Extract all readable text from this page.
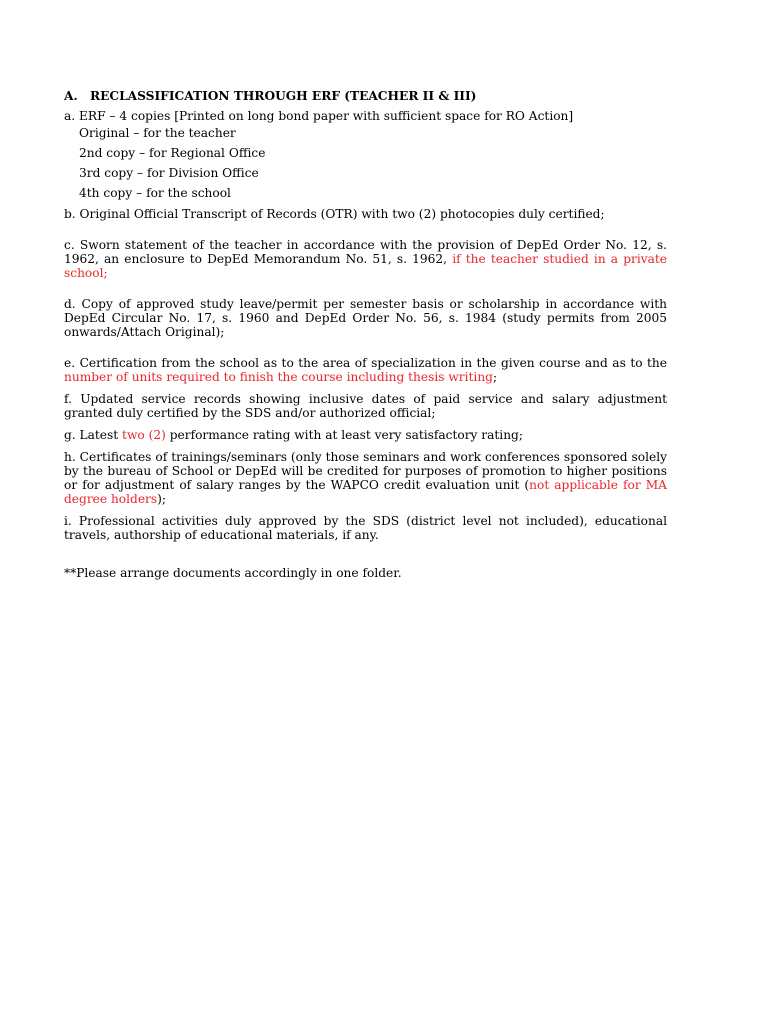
A. RECLASSIFICATION THROUGH ERF (TEACHER II & III)

a. ERF – 4 copies [Printed on long bond paper with sufficient space for RO Action]

Original – for the teacher

2nd copy – for Regional Office

3rd copy – for Division Office

4th copy – for the school

b. Original Official Transcript of Records (OTR) with two (2) photocopies duly certified;

c. Sworn statement of the teacher in accordance with the provision of DepEd Order No. 12, s. 1962, an enclosure to DepEd Memorandum No. 51, s. 1962, if the teacher studied in a private school;

d. Copy of approved study leave/permit per semester basis or scholarship in accordance with DepEd Circular No. 17, s. 1960 and DepEd Order No. 56, s. 1984 (study permits from 2005 onwards/Attach Original);

e. Certification from the school as to the area of specialization in the given course and as to the number of units required to finish the course including thesis writing;

f. Updated service records showing inclusive dates of paid service and salary adjustment granted duly certified by the SDS and/or authorized official;

g. Latest two (2) performance rating with at least very satisfactory rating;

h. Certificates of trainings/seminars (only those seminars and work conferences sponsored solely by the bureau of School or DepEd will be credited for purposes of promotion to higher positions or for adjustment of salary ranges by the WAPCO credit evaluation unit (not applicable for MA degree holders);

i. Professional activities duly approved by the SDS (district level not included), educational travels, authorship of educational materials, if any.

**Please arrange documents accordingly in one folder.
